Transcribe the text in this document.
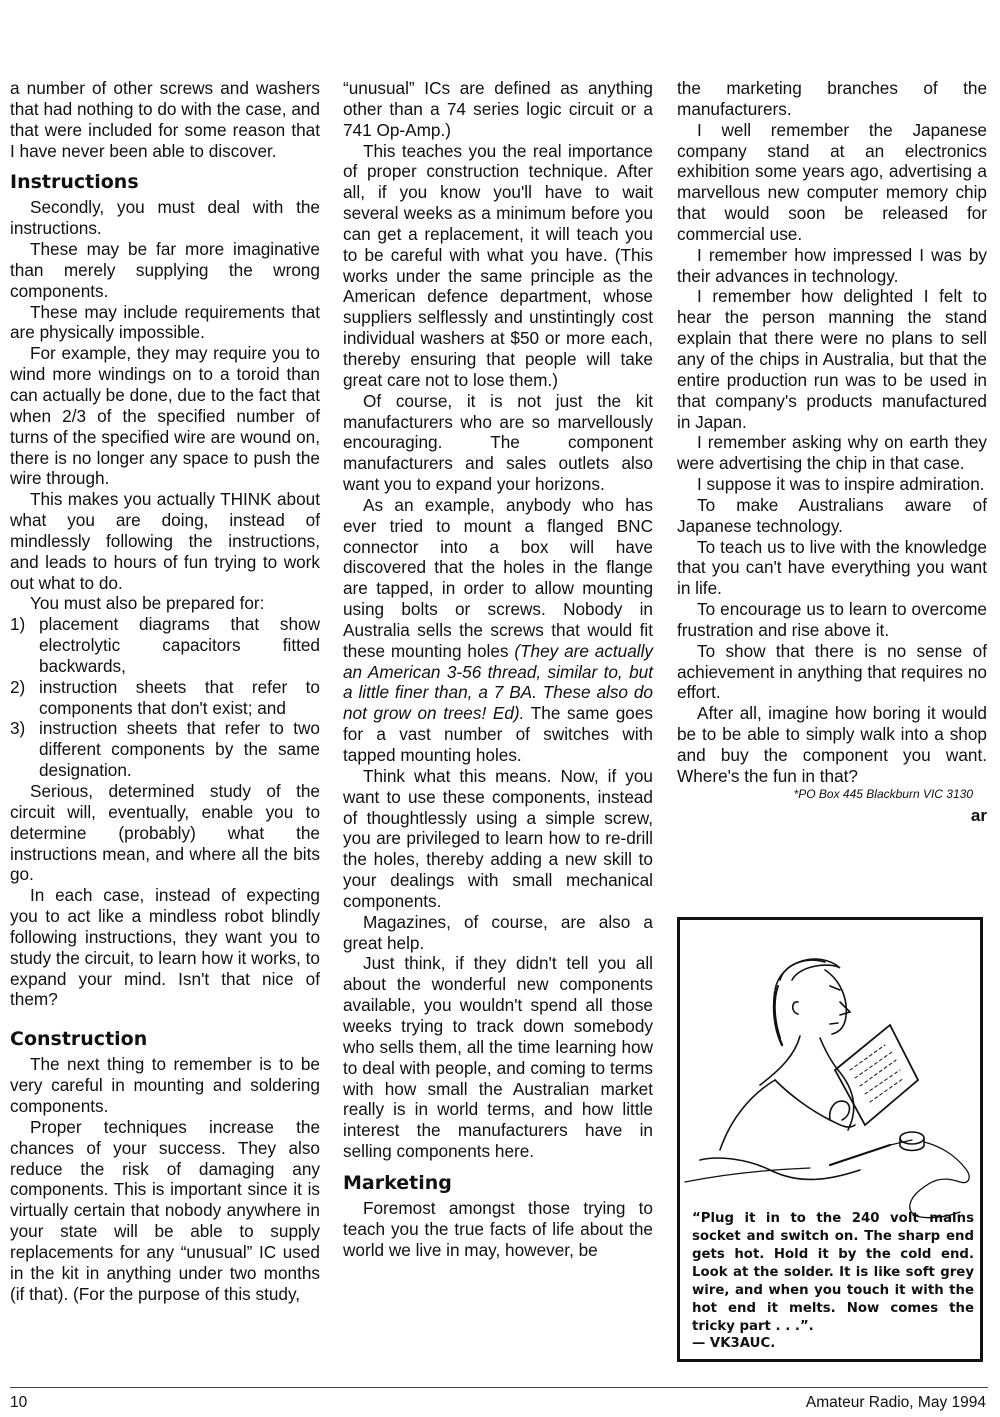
a number of other screws and washers that had nothing to do with the case, and that were included for some reason that I have never been able to discover.

Instructions

Secondly, you must deal with the instructions.

These may be far more imaginative than merely supplying the wrong components.

These may include requirements that are physically impossible.

For example, they may require you to wind more windings on to a toroid than can actually be done, due to the fact that when 2/3 of the specified number of turns of the specified wire are wound on, there is no longer any space to push the wire through.

This makes you actually THINK about what you are doing, instead of mindlessly following the instructions, and leads to hours of fun trying to work out what to do.

You must also be prepared for:

1) placement diagrams that show electrolytic capacitors fitted backwards,
2) instruction sheets that refer to components that don't exist; and
3) instruction sheets that refer to two different components by the same designation.

Serious, determined study of the circuit will, eventually, enable you to determine (probably) what the instructions mean, and where all the bits go.

In each case, instead of expecting you to act like a mindless robot blindly following instructions, they want you to study the circuit, to learn how it works, to expand your mind. Isn't that nice of them?

Construction

The next thing to remember is to be very careful in mounting and soldering components.

Proper techniques increase the chances of your success. They also reduce the risk of damaging any components. This is important since it is virtually certain that nobody anywhere in your state will be able to supply replacements for any “unusual” IC used in the kit in anything under two months (if that). (For the purpose of this study,

“unusual” ICs are defined as anything other than a 74 series logic circuit or a 741 Op-Amp.)

This teaches you the real importance of proper construction technique. After all, if you know you'll have to wait several weeks as a minimum before you can get a replacement, it will teach you to be careful with what you have. (This works under the same principle as the American defence department, whose suppliers selflessly and unstintingly cost individual washers at $50 or more each, thereby ensuring that people will take great care not to lose them.)

Of course, it is not just the kit manufacturers who are so marvellously encouraging. The component manufacturers and sales outlets also want you to expand your horizons.

As an example, anybody who has ever tried to mount a flanged BNC connector into a box will have discovered that the holes in the flange are tapped, in order to allow mounting using bolts or screws. Nobody in Australia sells the screws that would fit these mounting holes (They are actually an American 3-56 thread, similar to, but a little finer than, a 7 BA. These also do not grow on trees! Ed). The same goes for a vast number of switches with tapped mounting holes.

Think what this means. Now, if you want to use these components, instead of thoughtlessly using a simple screw, you are privileged to learn how to re-drill the holes, thereby adding a new skill to your dealings with small mechanical components.

Magazines, of course, are also a great help.

Just think, if they didn't tell you all about the wonderful new components available, you wouldn't spend all those weeks trying to track down somebody who sells them, all the time learning how to deal with people, and coming to terms with how small the Australian market really is in world terms, and how little interest the manufacturers have in selling components here.

Marketing

Foremost amongst those trying to teach you the true facts of life about the world we live in may, however, be

the marketing branches of the manufacturers.

I well remember the Japanese company stand at an electronics exhibition some years ago, advertising a marvellous new computer memory chip that would soon be released for commercial use.

I remember how impressed I was by their advances in technology.

I remember how delighted I felt to hear the person manning the stand explain that there were no plans to sell any of the chips in Australia, but that the entire production run was to be used in that company's products manufactured in Japan.

I remember asking why on earth they were advertising the chip in that case.

I suppose it was to inspire admiration.

To make Australians aware of Japanese technology.

To teach us to live with the knowledge that you can't have everything you want in life.

To encourage us to learn to overcome frustration and rise above it.

To show that there is no sense of achievement in anything that requires no effort.

After all, imagine how boring it would be to be able to simply walk into a shop and buy the component you want. Where's the fun in that?

*PO Box 445 Blackburn VIC 3130
ar
“Plug it in to the 240 volt mains socket and switch on. The sharp end gets hot. Hold it by the cold end. Look at the solder. It is like soft grey wire, and when you touch it with the hot end it melts. Now comes the tricky part . . .”.
— VK3AUC.
10	Amateur Radio, May 1994
